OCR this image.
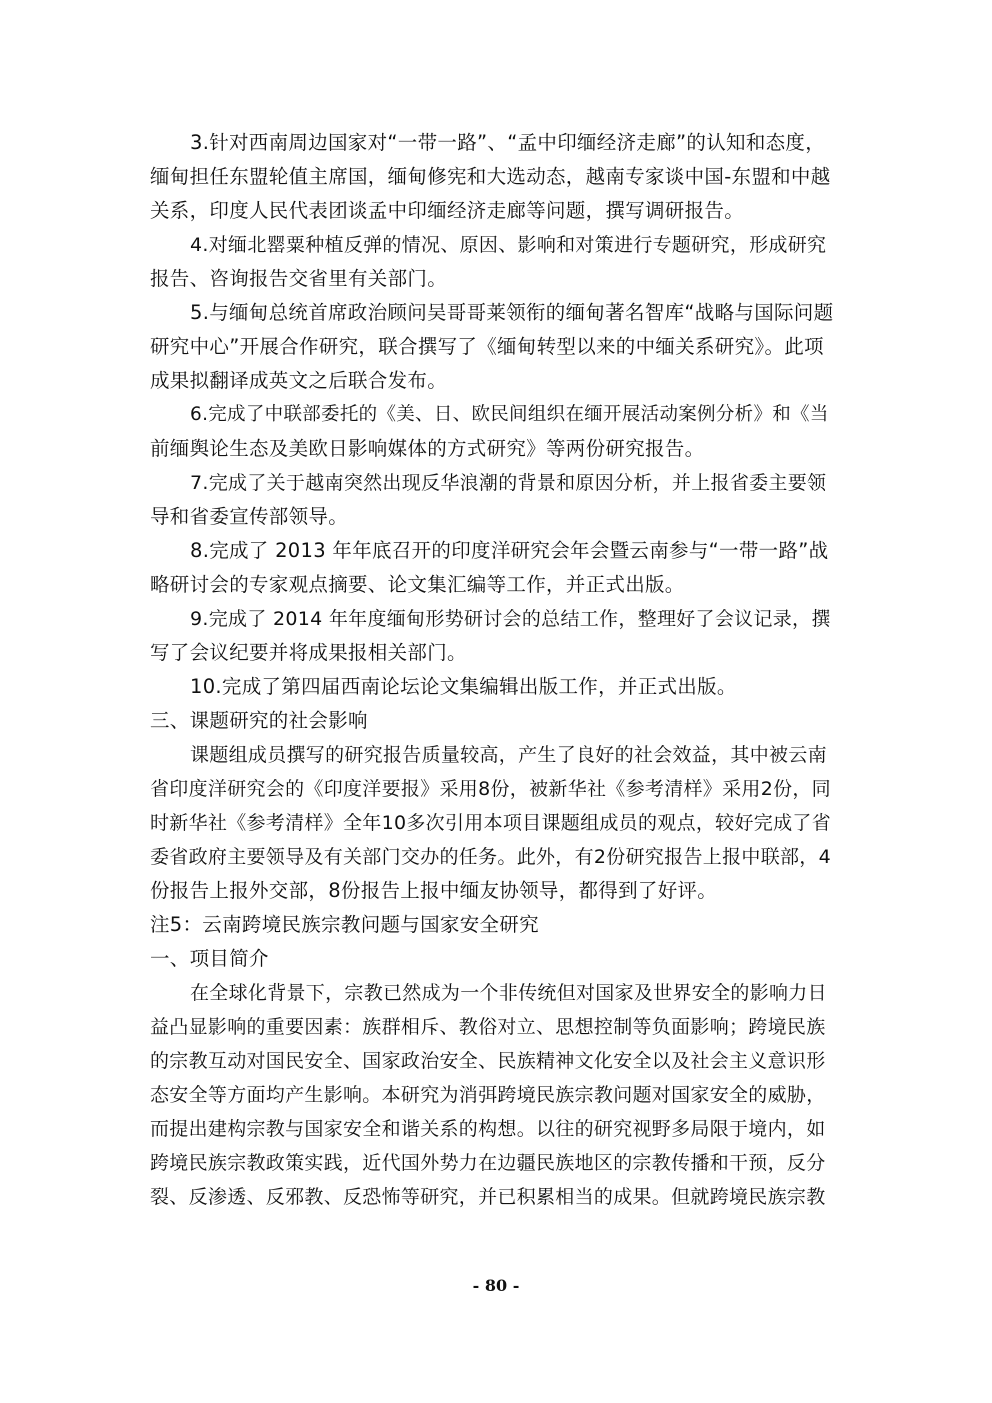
3.针对西南周边国家对“一带一路”、“孟中印缅经济走廊”的认知和态度，
缅甸担任东盟轮值主席国，缅甸修宪和大选动态，越南专家谈中国-东盟和中越
关系，印度人民代表团谈孟中印缅经济走廊等问题，撰写调研报告。
4.对缅北罂粟种植反弹的情况、原因、影响和对策进行专题研究，形成研究
报告、咨询报告交省里有关部门。
5.与缅甸总统首席政治顾问吴哥哥莱领衔的缅甸著名智库“战略与国际问题
研究中心”开展合作研究，联合撰写了《缅甸转型以来的中缅关系研究》。此项
成果拟翻译成英文之后联合发布。
6.完成了中联部委托的《美、日、欧民间组织在缅开展活动案例分析》和《当
前缅舆论生态及美欧日影响媒体的方式研究》等两份研究报告。
7.完成了关于越南突然出现反华浪潮的背景和原因分析，并上报省委主要领
导和省委宣传部领导。
8.完成了 2013 年年底召开的印度洋研究会年会暨云南参与“一带一路”战
略研讨会的专家观点摘要、论文集汇编等工作，并正式出版。
9.完成了 2014 年年度缅甸形势研讨会的总结工作，整理好了会议记录，撰
写了会议纪要并将成果报相关部门。
10.完成了第四届西南论坛论文集编辑出版工作，并正式出版。
三、课题研究的社会影响
课题组成员撰写的研究报告质量较高，产生了良好的社会效益，其中被云南
省印度洋研究会的《印度洋要报》采用8份，被新华社《参考清样》采用2份，同
时新华社《参考清样》全年10多次引用本项目课题组成员的观点，较好完成了省
委省政府主要领导及有关部门交办的任务。此外，有2份研究报告上报中联部，4
份报告上报外交部，8份报告上报中缅友协领导，都得到了好评。
注5：云南跨境民族宗教问题与国家安全研究
一、项目简介
在全球化背景下，宗教已然成为一个非传统但对国家及世界安全的影响力日
益凸显影响的重要因素：族群相斥、教俗对立、思想控制等负面影响；跨境民族
的宗教互动对国民安全、国家政治安全、民族精神文化安全以及社会主义意识形
态安全等方面均产生影响。本研究为消弭跨境民族宗教问题对国家安全的威胁，
而提出建构宗教与国家安全和谐关系的构想。以往的研究视野多局限于境内，如
跨境民族宗教政策实践，近代国外势力在边疆民族地区的宗教传播和干预，反分
裂、反渗透、反邪教、反恐怖等研究，并已积累相当的成果。但就跨境民族宗教
- 80 -
